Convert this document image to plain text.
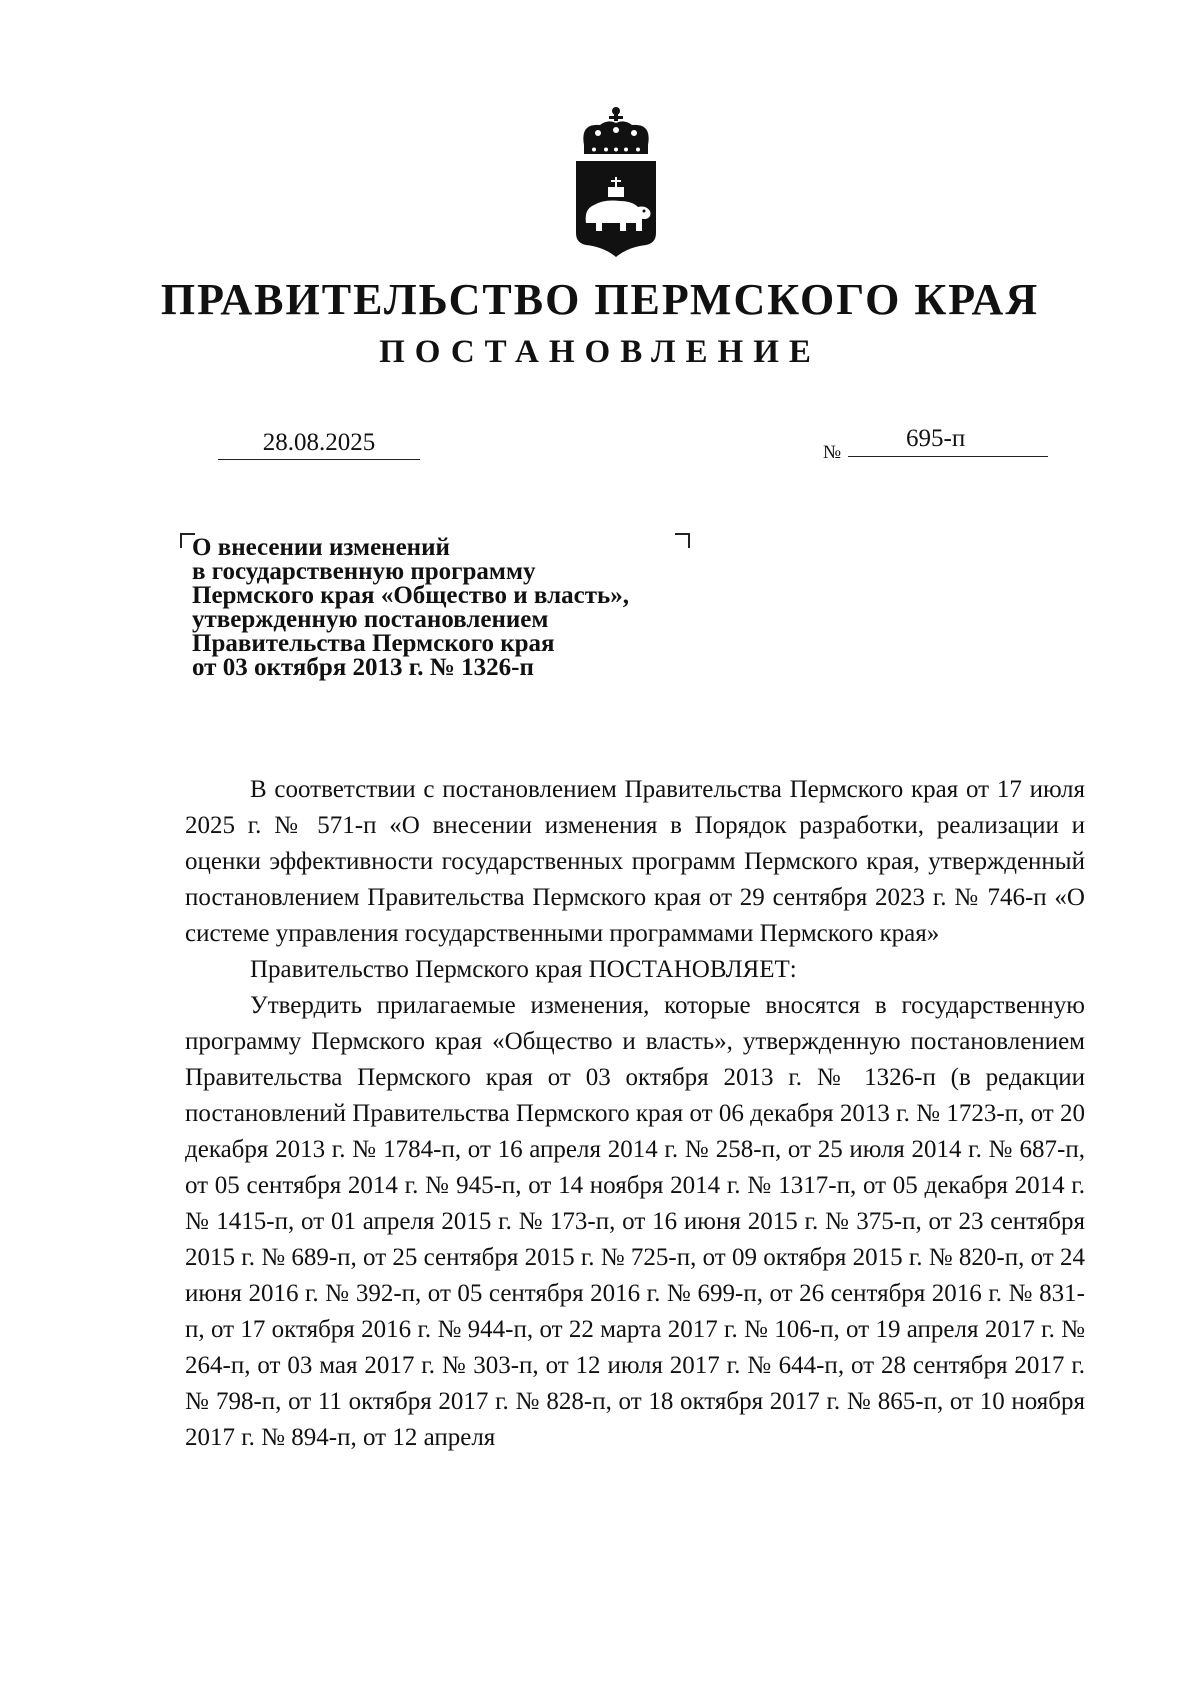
ПРАВИТЕЛЬСТВО ПЕРМСКОГО КРАЯ
ПОСТАНОВЛЕНИЕ
28.08.2025	№
695-п
О внесении изменений
в государственную программу
Пермского края «Общество и власть»,
утвержденную постановлением
Правительства Пермского края
от 03 октября 2013 г. № 1326-п

В соответствии с постановлением Правительства Пермского края от 17 июля 2025 г. № 571-п «О внесении изменения в Порядок разработки, реализации и оценки эффективности государственных программ Пермского края, утвержденный постановлением Правительства Пермского края от 29 сентября 2023 г. № 746-п «О системе управления государственными программами Пермского края»

Правительство Пермского края ПОСТАНОВЛЯЕТ:

Утвердить прилагаемые изменения, которые вносятся в государственную программу Пермского края «Общество и власть», утвержденную постановлением Правительства Пермского края от 03 октября 2013 г. № 1326-п (в редакции постановлений Правительства Пермского края от 06 декабря 2013 г. № 1723-п, от 20 декабря 2013 г. № 1784-п, от 16 апреля 2014 г. № 258-п, от 25 июля 2014 г. № 687-п, от 05 сентября 2014 г. № 945-п, от 14 ноября 2014 г. № 1317-п, от 05 декабря 2014 г. № 1415-п, от 01 апреля 2015 г. № 173-п, от 16 июня 2015 г. № 375-п, от 23 сентября 2015 г. № 689-п, от 25 сентября 2015 г. № 725-п, от 09 октября 2015 г. № 820-п, от 24 июня 2016 г. № 392-п, от 05 сентября 2016 г. № 699-п, от 26 сентября 2016 г. № 831-п, от 17 октября 2016 г. № 944-п, от 22 марта 2017 г. № 106-п, от 19 апреля 2017 г. № 264-п, от 03 мая 2017 г. № 303-п, от 12 июля 2017 г. № 644-п, от 28 сентября 2017 г. № 798-п, от 11 октября 2017 г. № 828-п, от 18 октября 2017 г. № 865-п, от 10 ноября 2017 г. № 894-п, от 12 апреля
